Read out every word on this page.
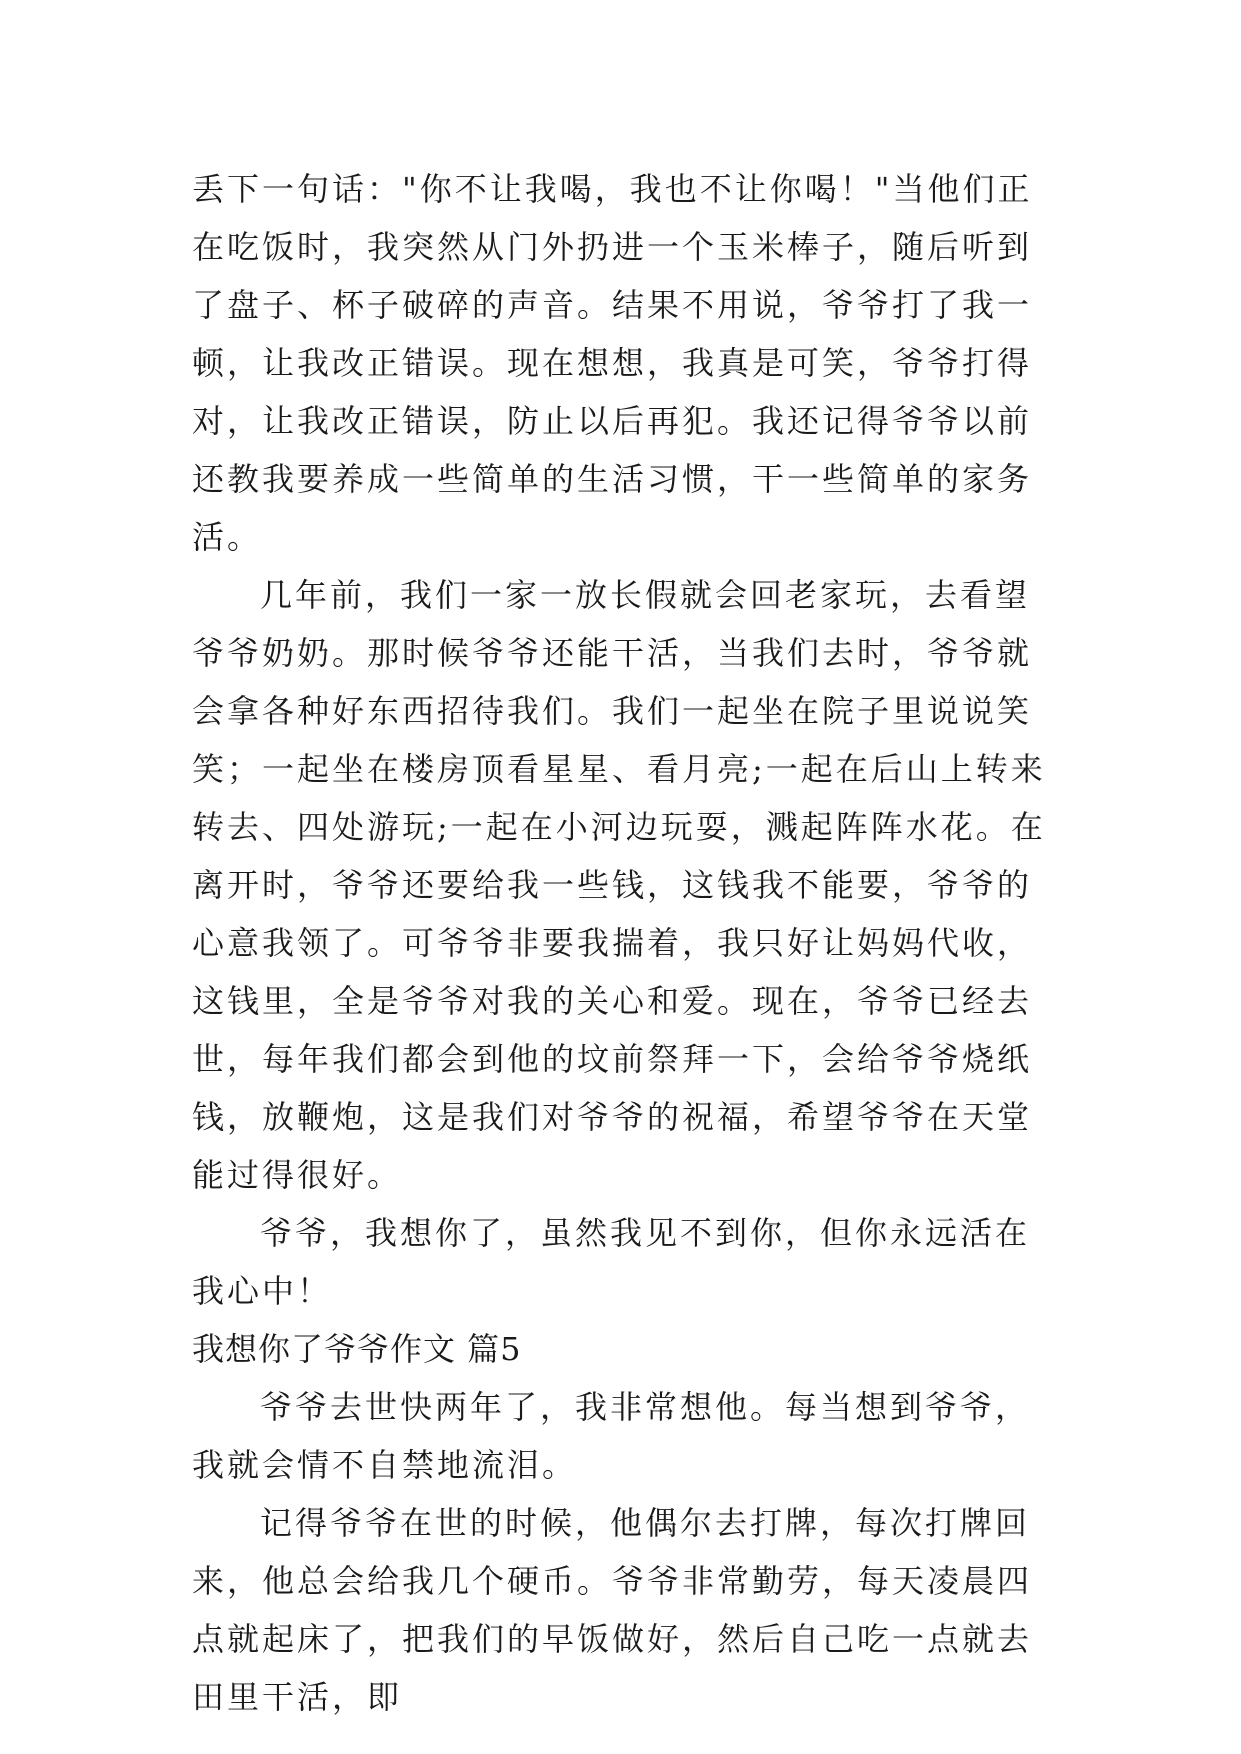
丢下一句话："你不让我喝，我也不让你喝！"当他们正在吃饭时，我突然从门外扔进一个玉米棒子，随后听到了盘子、杯子破碎的声音。结果不用说，爷爷打了我一顿，让我改正错误。现在想想，我真是可笑，爷爷打得对，让我改正错误，防止以后再犯。我还记得爷爷以前还教我要养成一些简单的生活习惯，干一些简单的家务活。

几年前，我们一家一放长假就会回老家玩，去看望爷爷奶奶。那时候爷爷还能干活，当我们去时，爷爷就会拿各种好东西招待我们。我们一起坐在院子里说说笑笑；一起坐在楼房顶看星星、看月亮;一起在后山上转来转去、四处游玩;一起在小河边玩耍，溅起阵阵水花。在离开时，爷爷还要给我一些钱，这钱我不能要，爷爷的心意我领了。可爷爷非要我揣着，我只好让妈妈代收，这钱里，全是爷爷对我的关心和爱。现在，爷爷已经去世，每年我们都会到他的坟前祭拜一下，会给爷爷烧纸钱，放鞭炮，这是我们对爷爷的祝福，希望爷爷在天堂能过得很好。

爷爷，我想你了，虽然我见不到你，但你永远活在我心中！

我想你了爷爷作文 篇5

爷爷去世快两年了，我非常想他。每当想到爷爷，我就会情不自禁地流泪。

记得爷爷在世的时候，他偶尔去打牌，每次打牌回来，他总会给我几个硬币。爷爷非常勤劳，每天凌晨四点就起床了，把我们的早饭做好，然后自己吃一点就去田里干活，即
